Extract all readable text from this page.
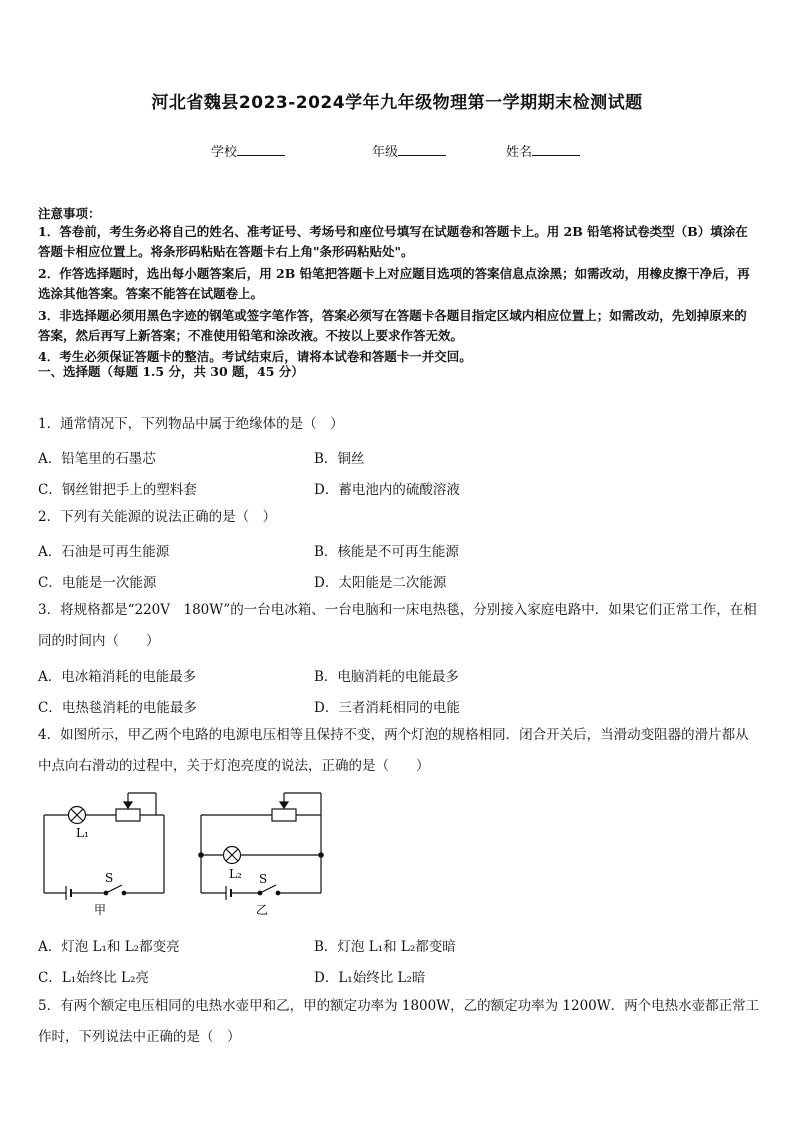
河北省魏县2023-2024学年九年级物理第一学期期末检测试题
学校	年级	姓名
注意事项：
1．答卷前，考生务必将自己的姓名、准考证号、考场号和座位号填写在试题卷和答题卡上。用 2B 铅笔将试卷类型（B）填涂在答题卡相应位置上。将条形码粘贴在答题卡右上角"条形码粘贴处"。
2．作答选择题时，选出每小题答案后，用 2B 铅笔把答题卡上对应题目选项的答案信息点涂黑；如需改动，用橡皮擦干净后，再选涂其他答案。答案不能答在试题卷上。
3．非选择题必须用黑色字迹的钢笔或签字笔作答，答案必须写在答题卡各题目指定区域内相应位置上；如需改动，先划掉原来的答案，然后再写上新答案；不准使用铅笔和涂改液。不按以上要求作答无效。
4．考生必须保证答题卡的整洁。考试结束后，请将本试卷和答题卡一并交回。
一、选择题（每题 1.5 分，共 30 题，45 分）
1．通常情况下，下列物品中属于绝缘体的是（　）
A．铅笔里的石墨芯	B．铜丝
C．钢丝钳把手上的塑料套	D．蓄电池内的硫酸溶液
2．下列有关能源的说法正确的是（　）
A．石油是可再生能源	B．核能是不可再生能源
C．电能是一次能源	D．太阳能是二次能源
3．将规格都是“220V　180W”的一台电冰箱、一台电脑和一床电热毯，分别接入家庭电路中．如果它们正常工作，在相同的时间内（　　）
A．电冰箱消耗的电能最多	B．电脑消耗的电能最多
C．电热毯消耗的电能最多	D．三者消耗相同的电能
4．如图所示，甲乙两个电路的电源电压相等且保持不变，两个灯泡的规格相同．闭合开关后，当滑动变阻器的滑片都从中点向右滑动的过程中，关于灯泡亮度的说法，正确的是（　　）
L₁
S
甲
L₂ S
乙
A．灯泡 L₁和 L₂都变亮	B．灯泡 L₁和 L₂都变暗
C．L₁始终比 L₂亮	D．L₁始终比 L₂暗
5．有两个额定电压相同的电热水壶甲和乙，甲的额定功率为 1800W，乙的额定功率为 1200W．两个电热水壶都正常工作时，下列说法中正确的是（　）
